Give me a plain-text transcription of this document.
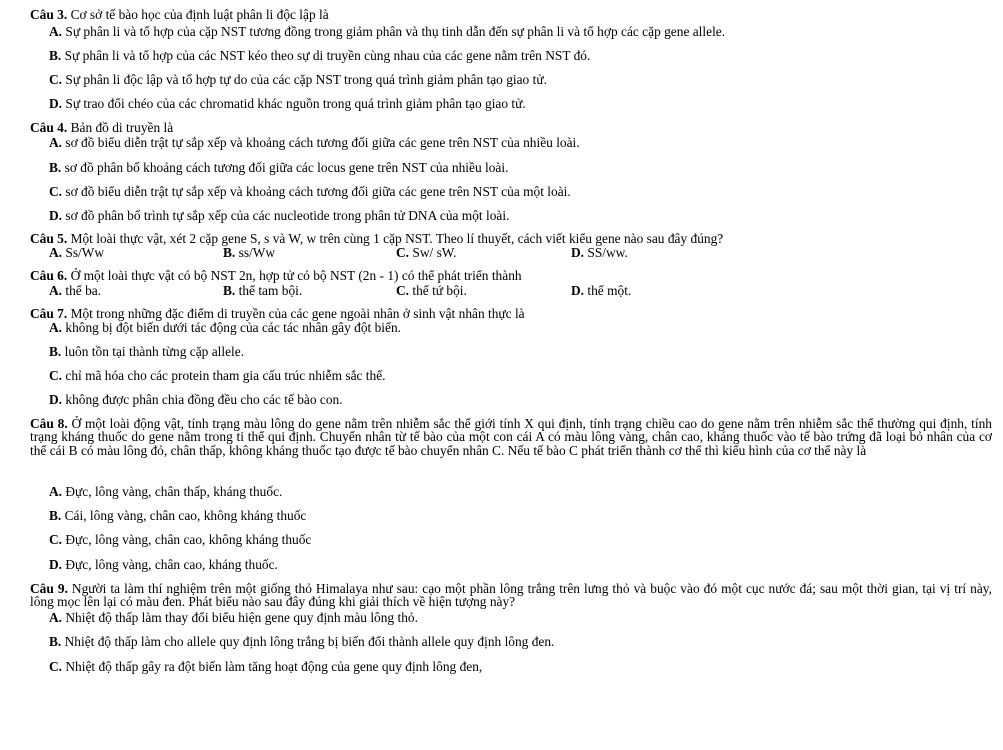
Câu 3. Cơ sở tế bào học của định luật phân li độc lập là
A. Sự phân li và tổ hợp của cặp NST tương đồng trong giảm phân và thụ tinh dẫn đến sự phân li và tổ hợp các cặp gene allele.
B. Sự phân li và tổ hợp của các NST kéo theo sự di truyền cùng nhau của các gene nằm trên NST đó.
C. Sự phân li độc lập và tổ hợp tự do của các cặp NST trong quá trình giảm phân tạo giao tử.
D. Sự trao đổi chéo của các chromatid khác nguồn trong quá trình giảm phân tạo giao tử.
Câu 4. Bản đồ di truyền là
A. sơ đồ biểu diễn trật tự sắp xếp và khoảng cách tương đối giữa các gene trên NST của nhiều loài.
B. sơ đồ phân bố khoảng cách tương đối giữa các locus gene trên NST của nhiều loài.
C. sơ đồ biểu diễn trật tự sắp xếp và khoảng cách tương đối giữa các gene trên NST của một loài.
D. sơ đồ phân bố trình tự sắp xếp của các nucleotide trong phân tử DNA của một loài.
Câu 5. Một loài thực vật, xét 2 cặp gene S, s và W, w trên cùng 1 cặp NST. Theo lí thuyết, cách viết kiểu gene nào sau đây đúng?
A. Ss/Ww	B. ss/Ww	C. Sw/ sW.	D. SS/ww.
Câu 6. Ở một loài thực vật có bộ NST 2n, hợp tử có bộ NST (2n - 1) có thể phát triển thành
A. thể ba.	B. thể tam bội.	C. thể tứ bội.	D. thể một.
Câu 7. Một trong những đặc điểm di truyền của các gene ngoài nhân ở sinh vật nhân thực là
A. không bị đột biến dưới tác động của các tác nhân gây đột biến.
B. luôn tồn tại thành từng cặp allele.
C. chỉ mã hóa cho các protein tham gia cấu trúc nhiễm sắc thể.
D. không được phân chia đồng đều cho các tế bào con.
Câu 8. Ở một loài động vật, tính trạng màu lông do gene nằm trên nhiễm sắc thể giới tính X qui định, tính trạng chiều cao do gene nằm trên nhiễm sắc thể thường qui định, tính trạng kháng thuốc do gene nằm trong ti thể qui định. Chuyển nhân từ tế bào của một con cái A có màu lông vàng, chân cao, kháng thuốc vào tế bào trứng đã loại bỏ nhân của cơ thể cái B có màu lông đỏ, chân thấp, không kháng thuốc tạo được tế bào chuyển nhân C. Nếu tế bào C phát triển thành cơ thể thì kiểu hình của cơ thể này là
A. Đực, lông vàng, chân thấp, kháng thuốc.
B. Cái, lông vàng, chân cao, không kháng thuốc
C. Đực, lông vàng, chân cao, không kháng thuốc
D. Đực, lông vàng, chân cao, kháng thuốc.
Câu 9. Người ta làm thí nghiệm trên một giống thỏ Himalaya như sau: cạo một phần lông trắng trên lưng thỏ và buộc vào đó một cục nước đá; sau một thời gian, tại vị trí này, lông mọc lên lại có màu đen. Phát biểu nào sau đây đúng khi giải thích về hiện tượng này?
A. Nhiệt độ thấp làm thay đổi biểu hiện gene quy định màu lông thỏ.
B. Nhiệt độ thấp làm cho allele quy định lông trắng bị biến đổi thành allele quy định lông đen.
C. Nhiệt độ thấp gây ra đột biến làm tăng hoạt động của gene quy định lông đen,
